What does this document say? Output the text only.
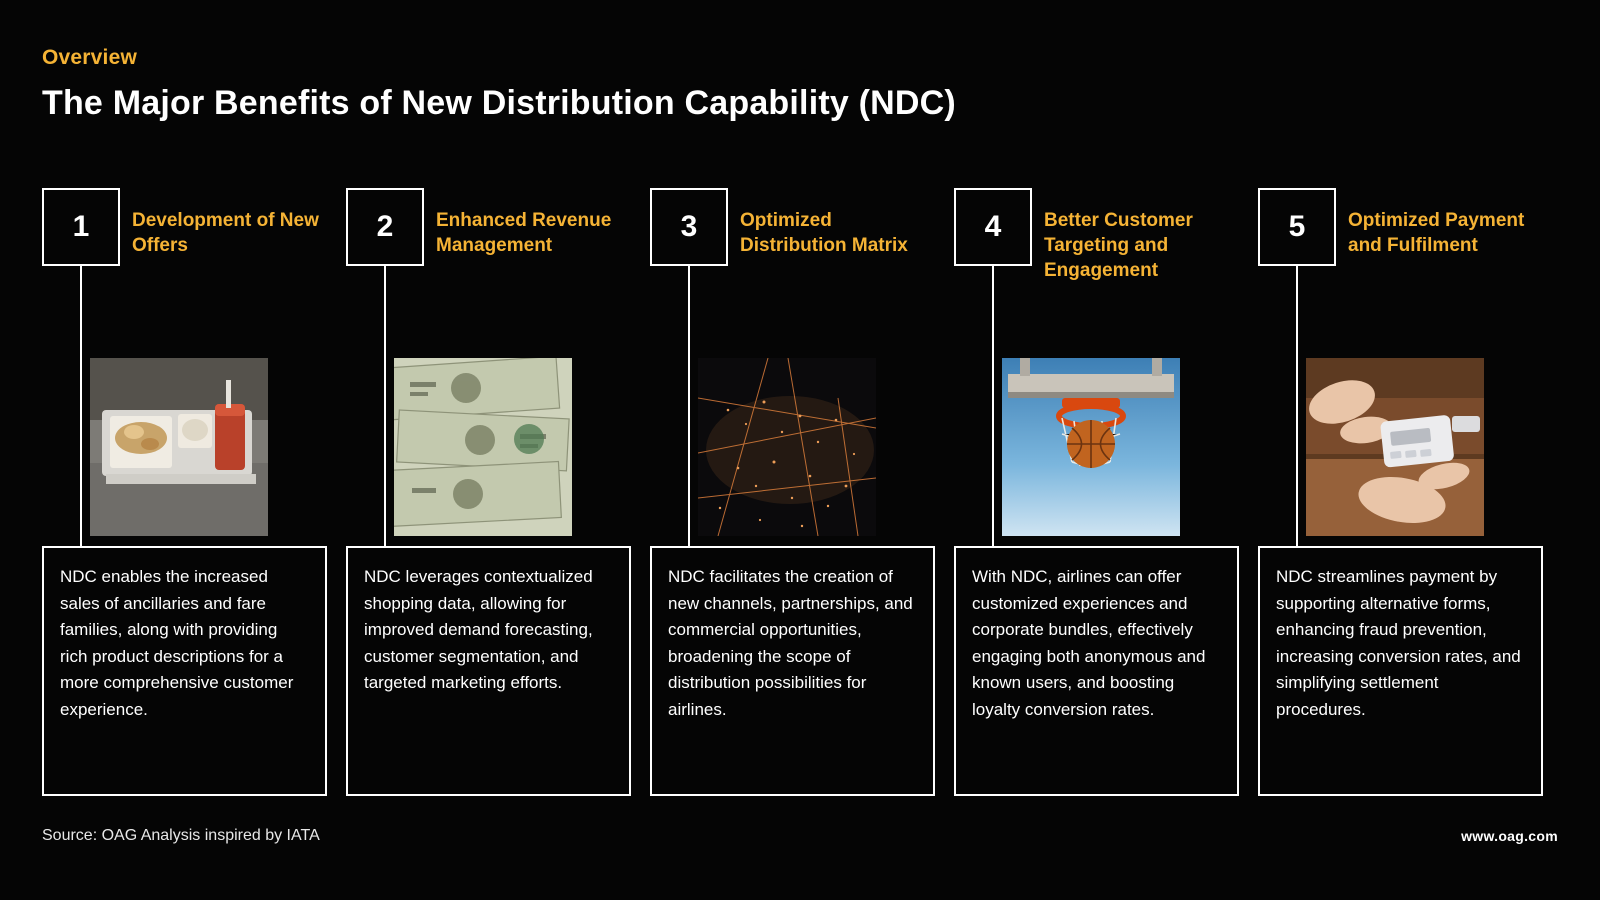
Overview
The Major Benefits of New Distribution Capability (NDC)
1	Development of New Offers
NDC enables the increased sales of ancillaries and fare families, along with providing rich product descriptions for a more comprehensive customer experience.
2	Enhanced Revenue Management
NDC leverages contextualized shopping data, allowing for improved demand forecasting, customer segmentation, and targeted marketing efforts.
3	Optimized Distribution Matrix
NDC facilitates the creation of new channels, partnerships, and commercial opportunities, broadening the scope of distribution possibilities for airlines.
4	Better Customer Targeting and Engagement
With NDC, airlines can offer customized experiences and corporate bundles, effectively engaging both anonymous and known users, and boosting loyalty conversion rates.
5	Optimized Payment and Fulfilment
NDC streamlines payment by supporting alternative forms, enhancing fraud prevention, increasing conversion rates, and simplifying settlement procedures.
Source: OAG Analysis inspired by IATA	www.oag.com
